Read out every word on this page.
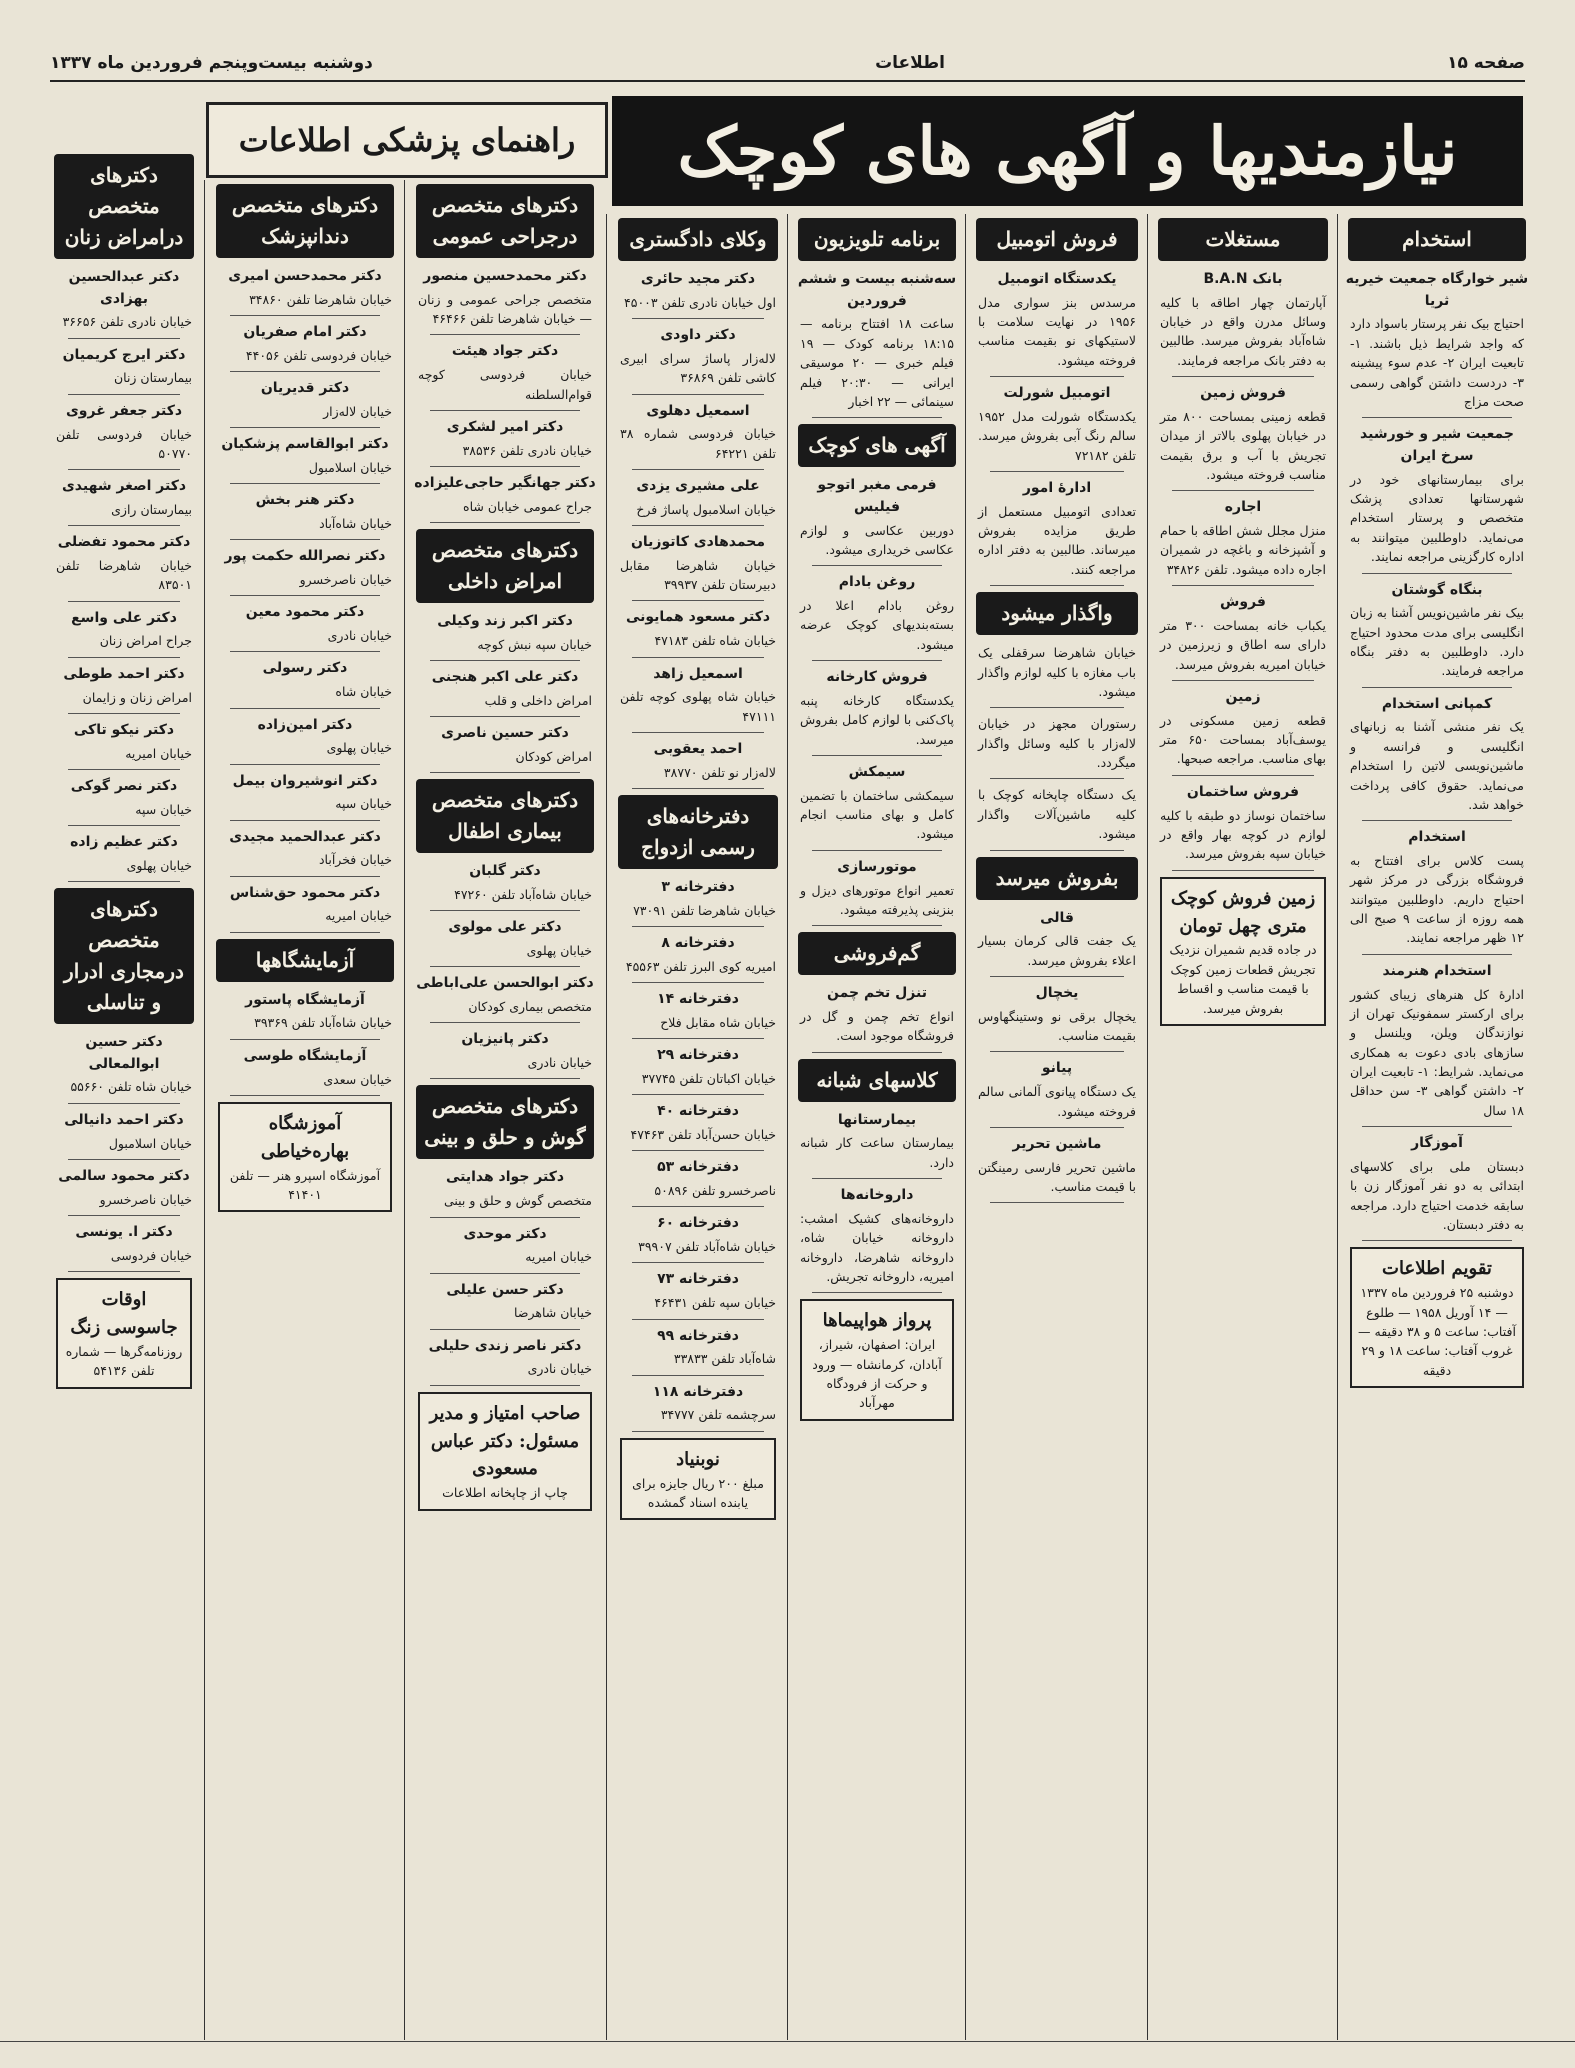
صفحه ۱۵
اطلاعات
دوشنبه بیست‌وپنجم فروردین ماه ۱۳۳۷
نیازمندیها و آگهی های کوچک
راهنمای پزشکی اطلاعات
استخدام
شیر خوارگاه جمعیت خیریه ثریا

احتیاج بیک نفر پرستار باسواد دارد که واجد شرایط ذیل باشند. ۱- تابعیت ایران ۲- عدم سوء پیشینه ۳- دردست داشتن گواهی رسمی صحت مزاج

جمعیت شیر و خورشید سرخ ایران

برای بیمارستانهای خود در شهرستانها تعدادی پزشک متخصص و پرستار استخدام می‌نماید. داوطلبین میتوانند به اداره کارگزینی مراجعه نمایند.

بنگاه گوشتان

بیک نفر ماشین‌نویس آشنا به زبان انگلیسی برای مدت محدود احتیاج دارد. داوطلبین به دفتر بنگاه مراجعه فرمایند.

کمپانی استخدام

یک نفر منشی آشنا به زبانهای انگلیسی و فرانسه و ماشین‌نویسی لاتین را استخدام می‌نماید. حقوق کافی پرداخت خواهد شد.

استخدام

پست کلاس برای افتتاح به فروشگاه بزرگی در مرکز شهر احتیاج داریم. داوطلبین میتوانند همه روزه از ساعت ۹ صبح الی ۱۲ ظهر مراجعه نمایند.

استخدام هنرمند

ادارهٔ کل هنرهای زیبای کشور برای ارکستر سمفونیک تهران از نوازندگان ویلن، ویلنسل و سازهای بادی دعوت به همکاری می‌نماید. شرایط: ۱- تابعیت ایران ۲- داشتن گواهی ۳- سن حداقل ۱۸ سال

آموزگار

دبستان ملی برای کلاسهای ابتدائی به دو نفر آموزگار زن با سابقه خدمت احتیاج دارد. مراجعه به دفتر دبستان.

تقویم اطلاعات
دوشنبه ۲۵ فروردین ماه ۱۳۳۷ — ۱۴ آوریل ۱۹۵۸ — طلوع آفتاب: ساعت ۵ و ۳۸ دقیقه — غروب آفتاب: ساعت ۱۸ و ۲۹ دقیقه
مستغلات
بانک B.A.N

آپارتمان چهار اطاقه با کلیه وسائل مدرن واقع در خیابان شاه‌آباد بفروش میرسد. طالبین به دفتر بانک مراجعه فرمایند.

فروش زمین

قطعه زمینی بمساحت ۸۰۰ متر در خیابان پهلوی بالاتر از میدان تجریش با آب و برق بقیمت مناسب فروخته میشود.

اجاره

منزل مجلل شش اطاقه با حمام و آشپزخانه و باغچه در شمیران اجاره داده میشود. تلفن ۳۴۸۲۶

فروش

یکباب خانه بمساحت ۳۰۰ متر دارای سه اطاق و زیرزمین در خیابان امیریه بفروش میرسد.

زمین

قطعه زمین مسکونی در یوسف‌آباد بمساحت ۶۵۰ متر بهای مناسب. مراجعه صبحها.

فروش ساختمان

ساختمان نوساز دو طبقه با کلیه لوازم در کوچه بهار واقع در خیابان سپه بفروش میرسد.

زمین فروش کوچک متری چهل تومان
در جاده قدیم شمیران نزدیک تجریش قطعات زمین کوچک با قیمت مناسب و اقساط بفروش میرسد.
فروش اتومبیل
یکدستگاه اتومبیل

مرسدس بنز سواری مدل ۱۹۵۶ در نهایت سلامت با لاستیکهای نو بقیمت مناسب فروخته میشود.

اتومبیل شورلت

یکدستگاه شورلت مدل ۱۹۵۲ سالم رنگ آبی بفروش میرسد. تلفن ۷۲۱۸۲

ادارهٔ امور

تعدادی اتومبیل مستعمل از طریق مزایده بفروش میرساند. طالبین به دفتر اداره مراجعه کنند.

واگذار میشود

خیابان شاهرضا سرقفلی یک باب مغازه با کلیه لوازم واگذار میشود.

رستوران مجهز در خیابان لاله‌زار با کلیه وسائل واگذار میگردد.

یک دستگاه چاپخانه کوچک با کلیه ماشین‌آلات واگذار میشود.

بفروش میرسد
قالی

یک جفت قالی کرمان بسیار اعلاء بفروش میرسد.

یخچال

یخچال برقی نو وستینگهاوس بقیمت مناسب.

پیانو

یک دستگاه پیانوی آلمانی سالم فروخته میشود.

ماشین تحریر

ماشین تحریر فارسی رمینگتن با قیمت مناسب.

برنامه تلویزیون
سه‌شنبه بیست و ششم فروردین

ساعت ۱۸ افتتاح برنامه — ۱۸:۱۵ برنامه کودک — ۱۹ فیلم خبری — ۲۰ موسیقی ایرانی — ۲۰:۳۰ فیلم سینمائی — ۲۲ اخبار

آگهی های کوچک
فرمی مغبر اتوجو فیلیس

دوربین عکاسی و لوازم عکاسی خریداری میشود.

روغن بادام

روغن بادام اعلا در بسته‌بندیهای کوچک عرضه میشود.

فروش کارخانه

یکدستگاه کارخانه پنبه پاک‌کنی با لوازم کامل بفروش میرسد.

سیمکش

سیمکشی ساختمان با تضمین کامل و بهای مناسب انجام میشود.

موتورسازی

تعمیر انواع موتورهای دیزل و بنزینی پذیرفته میشود.

گم‌فروشی
تنزل تخم چمن

انواع تخم چمن و گل در فروشگاه موجود است.

کلاسهای شبانه
بیمارستانها

بیمارستان ساعت کار شبانه دارد.

داروخانه‌ها

داروخانه‌های کشیک امشب: داروخانه خیابان شاه، داروخانه شاهرضا، داروخانه امیریه، داروخانه تجریش.

پرواز هواپیماها
ایران: اصفهان، شیراز، آبادان، کرمانشاه — ورود و حرکت از فرودگاه مهرآباد
وکلای دادگستری
دکتر مجید حائری

اول خیابان نادری تلفن ۴۵۰۰۳

دکتر داودی

لاله‌زار پاساژ سرای ابیری کاشی تلفن ۳۶۸۶۹

اسمعیل دهلوی

خیابان فردوسی شماره ۳۸ تلفن ۶۴۲۲۱

علی مشیری یزدی

خیابان اسلامبول پاساژ فرخ

محمدهادی کاتوزیان

خیابان شاهرضا مقابل دبیرستان تلفن ۳۹۹۳۷

دکتر مسعود همایونی

خیابان شاه تلفن ۴۷۱۸۳

اسمعیل زاهد

خیابان شاه پهلوی کوچه تلفن ۴۷۱۱۱

احمد یعقوبی

لاله‌زار نو تلفن ۳۸۷۷۰

دفترخانه‌های رسمی ازدواج
دفترخانه ۳

خیابان شاهرضا تلفن ۷۳۰۹۱

دفترخانه ۸

امیریه کوی البرز تلفن ۴۵۵۶۳

دفترخانه ۱۴

خیابان شاه مقابل فلاح

دفترخانه ۲۹

خیابان اکباتان تلفن ۳۷۷۴۵

دفترخانه ۴۰

خیابان حسن‌آباد تلفن ۴۷۴۶۳

دفترخانه ۵۳

ناصرخسرو تلفن ۵۰۸۹۶

دفترخانه ۶۰

خیابان شاه‌آباد تلفن ۳۹۹۰۷

دفترخانه ۷۳

خیابان سپه تلفن ۴۶۴۳۱

دفترخانه ۹۹

شاه‌آباد تلفن ۳۳۸۳۳

دفترخانه ۱۱۸

سرچشمه تلفن ۳۴۷۷۷

نوبنیاد
مبلغ ۲۰۰ ریال جایزه برای یابنده اسناد گمشده
دکترهای متخصص درجراحی عمومی
دکتر محمدحسین منصور

متخصص جراحی عمومی و زنان — خیابان شاهرضا تلفن ۴۶۴۶۶

دکتر جواد هیئت

خیابان فردوسی کوچه قوام‌السلطنه

دکتر امیر لشکری

خیابان نادری تلفن ۳۸۵۳۶

دکتر جهانگیر حاجی‌علیزاده

جراح عمومی خیابان شاه

دکترهای متخصص امراض داخلی
دکتر اکبر زند وکیلی

خیابان سپه نبش کوچه

دکتر علی اکبر هنجنی

امراض داخلی و قلب

دکتر حسین ناصری

امراض کودکان

دکترهای متخصص بیماری اطفال
دکتر گلبان

خیابان شاه‌آباد تلفن ۴۷۲۶۰

دکتر علی مولوی

خیابان پهلوی

دکتر ابوالحسن علی‌اباطی

متخصص بیماری کودکان

دکتر پانیزیان

خیابان نادری

دکترهای متخصص گوش و حلق و بینی
دکتر جواد هدایتی

متخصص گوش و حلق و بینی

دکتر موحدی

خیابان امیریه

دکتر حسن علیلی

خیابان شاهرضا

دکتر ناصر زندی حلیلی

خیابان نادری

صاحب امتیاز و مدیر مسئول: دکتر عباس مسعودی
چاپ از چاپخانه اطلاعات
دکترهای متخصص دندانپزشک
دکتر محمدحسن امیری

خیابان شاهرضا تلفن ۳۴۸۶۰

دکتر امام صفریان

خیابان فردوسی تلفن ۴۴۰۵۶

دکتر قدیریان

خیابان لاله‌زار

دکتر ابوالقاسم پزشکیان

خیابان اسلامبول

دکتر هنر بخش

خیابان شاه‌آباد

دکتر نصرالله حکمت پور

خیابان ناصرخسرو

دکتر محمود معین

خیابان نادری

دکتر رسولی

خیابان شاه

دکتر امین‌زاده

خیابان پهلوی

دکتر انوشیروان بیمل

خیابان سپه

دکتر عبدالحمید مجیدی

خیابان فخرآباد

دکتر محمود حق‌شناس

خیابان امیریه

آزمایشگاهها
آزمایشگاه پاستور

خیابان شاه‌آباد تلفن ۳۹۳۶۹

آزمایشگاه طوسی

خیابان سعدی

آموزشگاه بهاره‌خیاطی
آموزشگاه اسپرو هنر — تلفن ۴۱۴۰۱
دکترهای متخصص درامراض زنان
دکتر عبدالحسین بهزادی

خیابان نادری تلفن ۳۶۶۵۶

دکتر ایرج کریمیان

بیمارستان زنان

دکتر جعفر غروی

خیابان فردوسی تلفن ۵۰۷۷۰

دکتر اصغر شهیدی

بیمارستان رازی

دکتر محمود تفضلی

خیابان شاهرضا تلفن ۸۳۵۰۱

دکتر علی واسع

جراح امراض زنان

دکتر احمد طوطی

امراض زنان و زایمان

دکتر نیکو تاکی

خیابان امیریه

دکتر نصر گوکی

خیابان سپه

دکتر عظیم زاده

خیابان پهلوی

دکترهای متخصص درمجاری ادرار و تناسلی
دکتر حسین ابوالمعالی

خیابان شاه تلفن ۵۵۶۶۰

دکتر احمد دانیالی

خیابان اسلامبول

دکتر محمود سالمی

خیابان ناصرخسرو

دکتر ا. یونسی

خیابان فردوسی

اوقات جاسوسی زنگ
روزنامه‌گرها — شماره تلفن ۵۴۱۳۶
